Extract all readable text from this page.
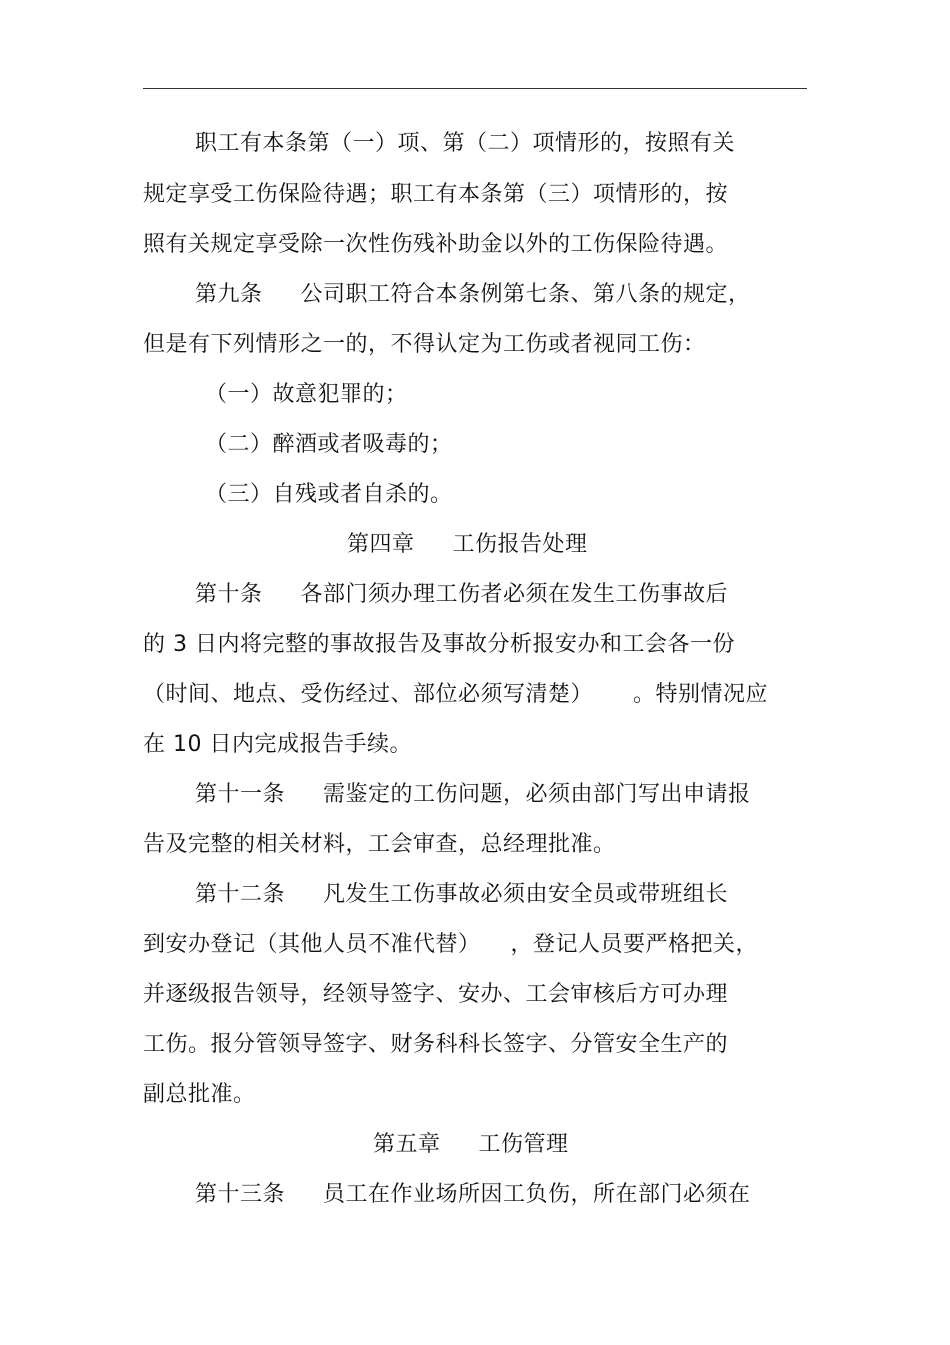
职工有本条第（一）项、第（二）项情形的，按照有关
规定享受工伤保险待遇；职工有本条第（三）项情形的，按
照有关规定享受除一次性伤残补助金以外的工伤保险待遇。
第九条 公司职工符合本条例第七条、第八条的规定，
但是有下列情形之一的，不得认定为工伤或者视同工伤：
（一）故意犯罪的；
（二）醉酒或者吸毒的；
（三）自残或者自杀的。
第四章 工伤报告处理
第十条 各部门须办理工伤者必须在发生工伤事故后
的 3 日内将完整的事故报告及事故分析报安办和工会各一份
（时间、地点、受伤经过、部位必须写清楚） 。特别情况应
在 10 日内完成报告手续。
第十一条 需鉴定的工伤问题，必须由部门写出申请报
告及完整的相关材料，工会审查，总经理批准。
第十二条 凡发生工伤事故必须由安全员或带班组长
到安办登记（其他人员不准代替） ，登记人员要严格把关，
并逐级报告领导，经领导签字、安办、工会审核后方可办理
工伤。报分管领导签字、财务科科长签字、分管安全生产的
副总批准。
第五章 工伤管理
第十三条 员工在作业场所因工负伤，所在部门必须在
